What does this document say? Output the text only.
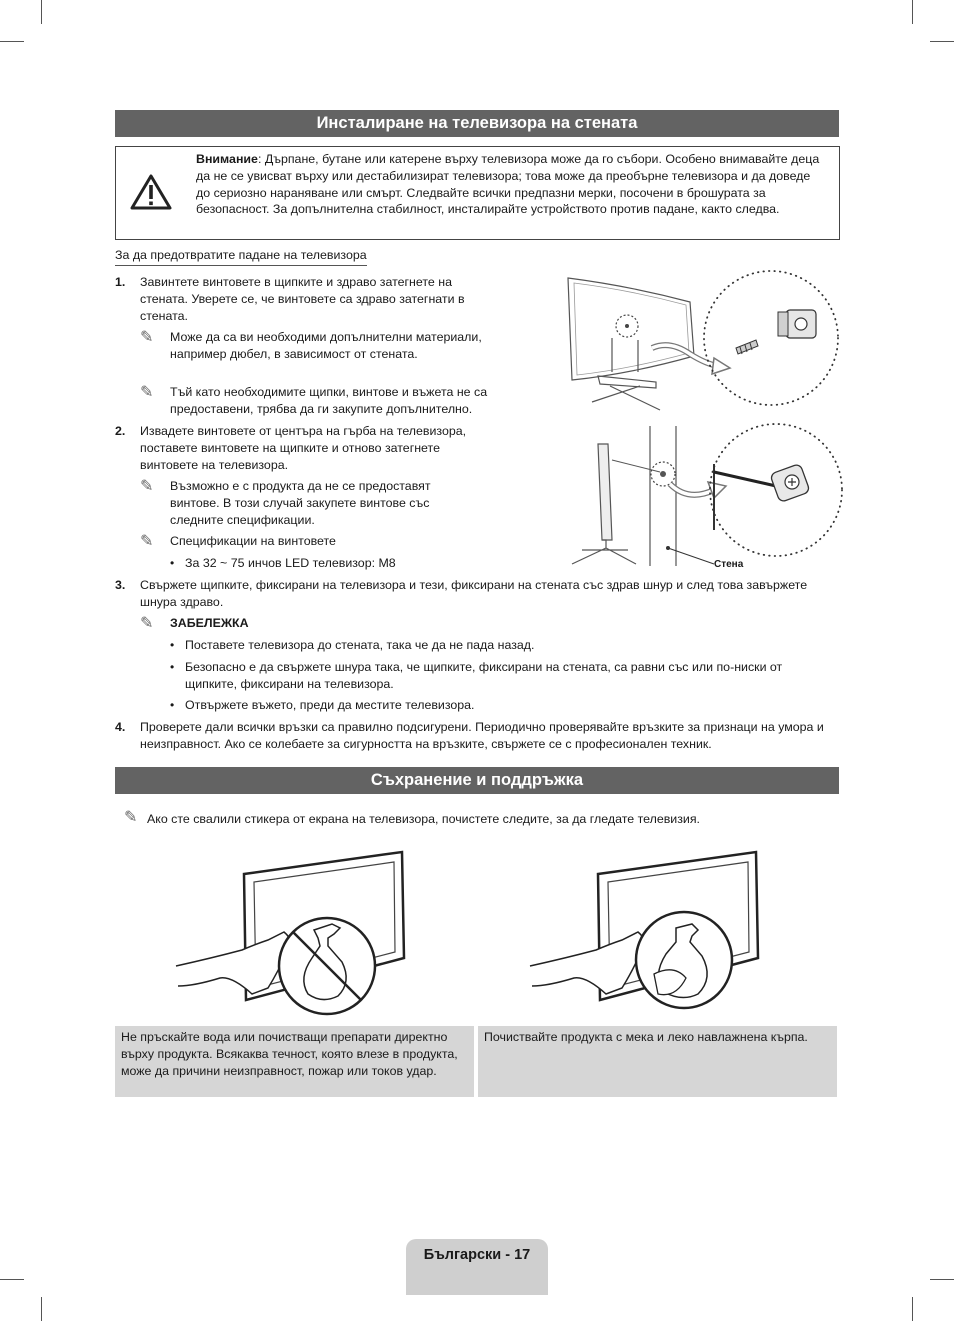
Инсталиране на телевизора на стената
Внимание: Дърпане, бутане или катерене върху телевизора може да го събори. Особено внимавайте деца да не се увисват върху или дестабилизират телевизора; това може да преобърне телевизора и да доведе до сериозно нараняване или смърт. Следвайте всички предпазни мерки, посочени в брошурата за безопасност. За допълнителна стабилност, инсталирайте устройството против падане, както следва.
За да предотвратите падане на телевизора
1. Завинтете винтовете в щипките и здраво затегнете на стената. Уверете се, че винтовете са здраво затегнати в стената.
✎ Може да са ви необходими допълнителни материали, например дюбел, в зависимост от стената.
✎ Тъй като необходимите щипки, винтове и въжета не са предоставени, трябва да ги закупите допълнително.
2. Извадете винтовете от центъра на гърба на телевизора, поставете винтовете на щипките и отново затегнете винтовете на телевизора.
✎ Възможно е с продукта да не се предоставят винтове. В този случай закупете винтове със следните спецификации.
✎ Спецификации на винтовете
• За 32 ~ 75 инчов LED телевизор: M8
3. Свържете щипките, фиксирани на телевизора и тези, фиксирани на стената със здрав шнур и след това завържете шнура здраво.
✎ ЗАБЕЛЕЖКА
• Поставете телевизора до стената, така че да не пада назад.
• Безопасно е да свържете шнура така, че щипките, фиксирани на стената, са равни със или по-ниски от щипките, фиксирани на телевизора.
• Отвържете въжето, преди да местите телевизора.
4. Проверете дали всички връзки са правилно подсигурени. Периодично проверявайте връзките за признаци на умора и неизправност. Ако се колебаете за сигурността на връзките, свържете се с професионален техник.
Стена
Съхранение и поддръжка
✎ Ако сте свалили стикера от екрана на телевизора, почистете следите, за да гледате телевизия.
Не пръскайте вода или почистващи препарати директно върху продукта. Всякаква течност, която влезе в продукта, може да причини неизправност, пожар или токов удар.
Почиствайте продукта с мека и леко навлажнена кърпа.
Български - 17
